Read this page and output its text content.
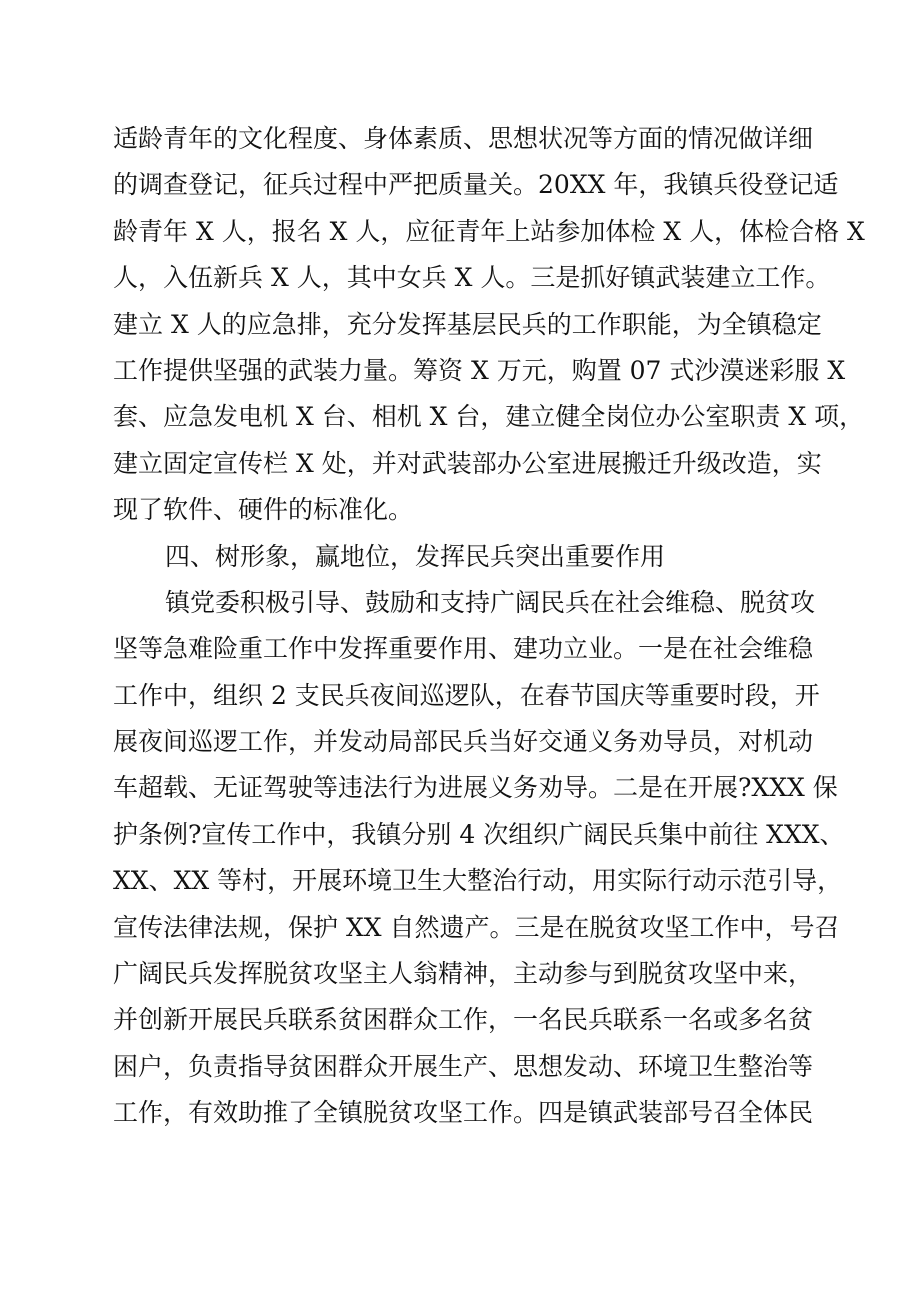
适龄青年的文化程度、身体素质、思想状况等方面的情况做详细
的调查登记，征兵过程中严把质量关。20XX 年，我镇兵役登记适
龄青年 X 人，报名 X 人，应征青年上站参加体检 X 人，体检合格 X
人，入伍新兵 X 人，其中女兵 X 人。三是抓好镇武装建立工作。
建立 X 人的应急排，充分发挥基层民兵的工作职能，为全镇稳定
工作提供坚强的武装力量。筹资 X 万元，购置 07 式沙漠迷彩服 X
套、应急发电机 X 台、相机 X 台，建立健全岗位办公室职责 X 项，
建立固定宣传栏 X 处，并对武装部办公室进展搬迁升级改造，实
现了软件、硬件的标准化。
四、树形象，赢地位，发挥民兵突出重要作用
镇党委积极引导、鼓励和支持广阔民兵在社会维稳、脱贫攻
坚等急难险重工作中发挥重要作用、建功立业。一是在社会维稳
工作中，组织 2 支民兵夜间巡逻队，在春节国庆等重要时段，开
展夜间巡逻工作，并发动局部民兵当好交通义务劝导员，对机动
车超载、无证驾驶等违法行为进展义务劝导。二是在开展?XXX 保
护条例?宣传工作中，我镇分别 4 次组织广阔民兵集中前往 XXX、
XX、XX 等村，开展环境卫生大整治行动，用实际行动示范引导，
宣传法律法规，保护 XX 自然遗产。三是在脱贫攻坚工作中，号召
广阔民兵发挥脱贫攻坚主人翁精神，主动参与到脱贫攻坚中来，
并创新开展民兵联系贫困群众工作，一名民兵联系一名或多名贫
困户，负责指导贫困群众开展生产、思想发动、环境卫生整治等
工作，有效助推了全镇脱贫攻坚工作。四是镇武装部号召全体民
